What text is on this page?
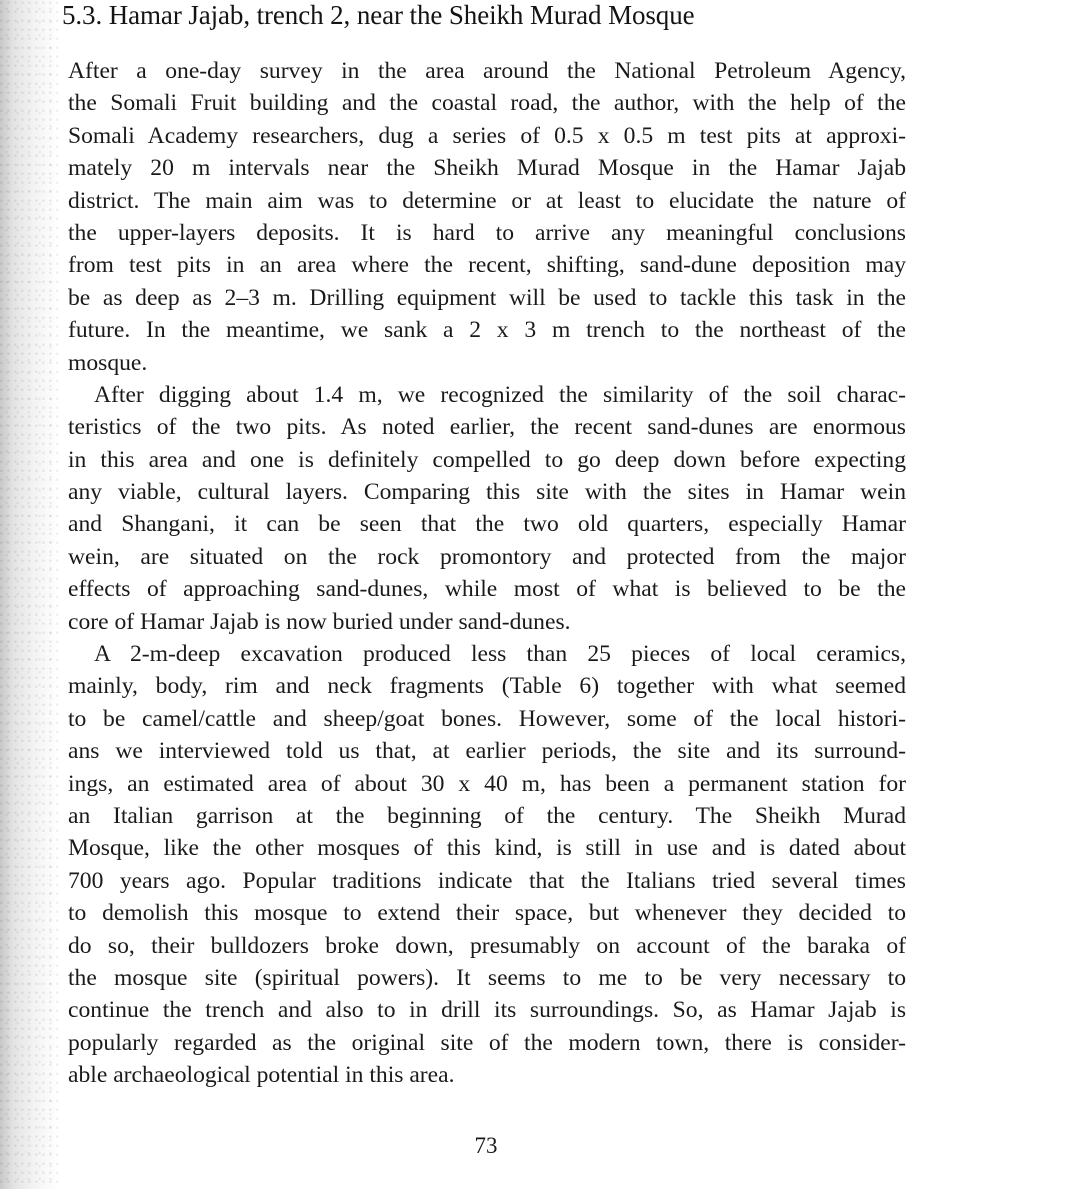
5.3. Hamar Jajab, trench 2, near the Sheikh Murad Mosque
After a one-day survey in the area around the National Petroleum Agency,
the Somali Fruit building and the coastal road, the author, with the help of the
Somali Academy researchers, dug a series of 0.5 x 0.5 m test pits at approxi-
mately 20 m intervals near the Sheikh Murad Mosque in the Hamar Jajab
district. The main aim was to determine or at least to elucidate the nature of
the upper-layers deposits. It is hard to arrive any meaningful conclusions
from test pits in an area where the recent, shifting, sand-dune deposition may
be as deep as 2–3 m. Drilling equipment will be used to tackle this task in the
future. In the meantime, we sank a 2 x 3 m trench to the northeast of the
mosque.
After digging about 1.4 m, we recognized the similarity of the soil charac-
teristics of the two pits. As noted earlier, the recent sand-dunes are enormous
in this area and one is definitely compelled to go deep down before expecting
any viable, cultural layers. Comparing this site with the sites in Hamar wein
and Shangani, it can be seen that the two old quarters, especially Hamar
wein, are situated on the rock promontory and protected from the major
effects of approaching sand-dunes, while most of what is believed to be the
core of Hamar Jajab is now buried under sand-dunes.
A 2-m-deep excavation produced less than 25 pieces of local ceramics,
mainly, body, rim and neck fragments (Table 6) together with what seemed
to be camel/cattle and sheep/goat bones. However, some of the local histori-
ans we interviewed told us that, at earlier periods, the site and its surround-
ings, an estimated area of about 30 x 40 m, has been a permanent station for
an Italian garrison at the beginning of the century. The Sheikh Murad
Mosque, like the other mosques of this kind, is still in use and is dated about
700 years ago. Popular traditions indicate that the Italians tried several times
to demolish this mosque to extend their space, but whenever they decided to
do so, their bulldozers broke down, presumably on account of the baraka of
the mosque site (spiritual powers). It seems to me to be very necessary to
continue the trench and also to in drill its surroundings. So, as Hamar Jajab is
popularly regarded as the original site of the modern town, there is consider-
able archaeological potential in this area.
73
